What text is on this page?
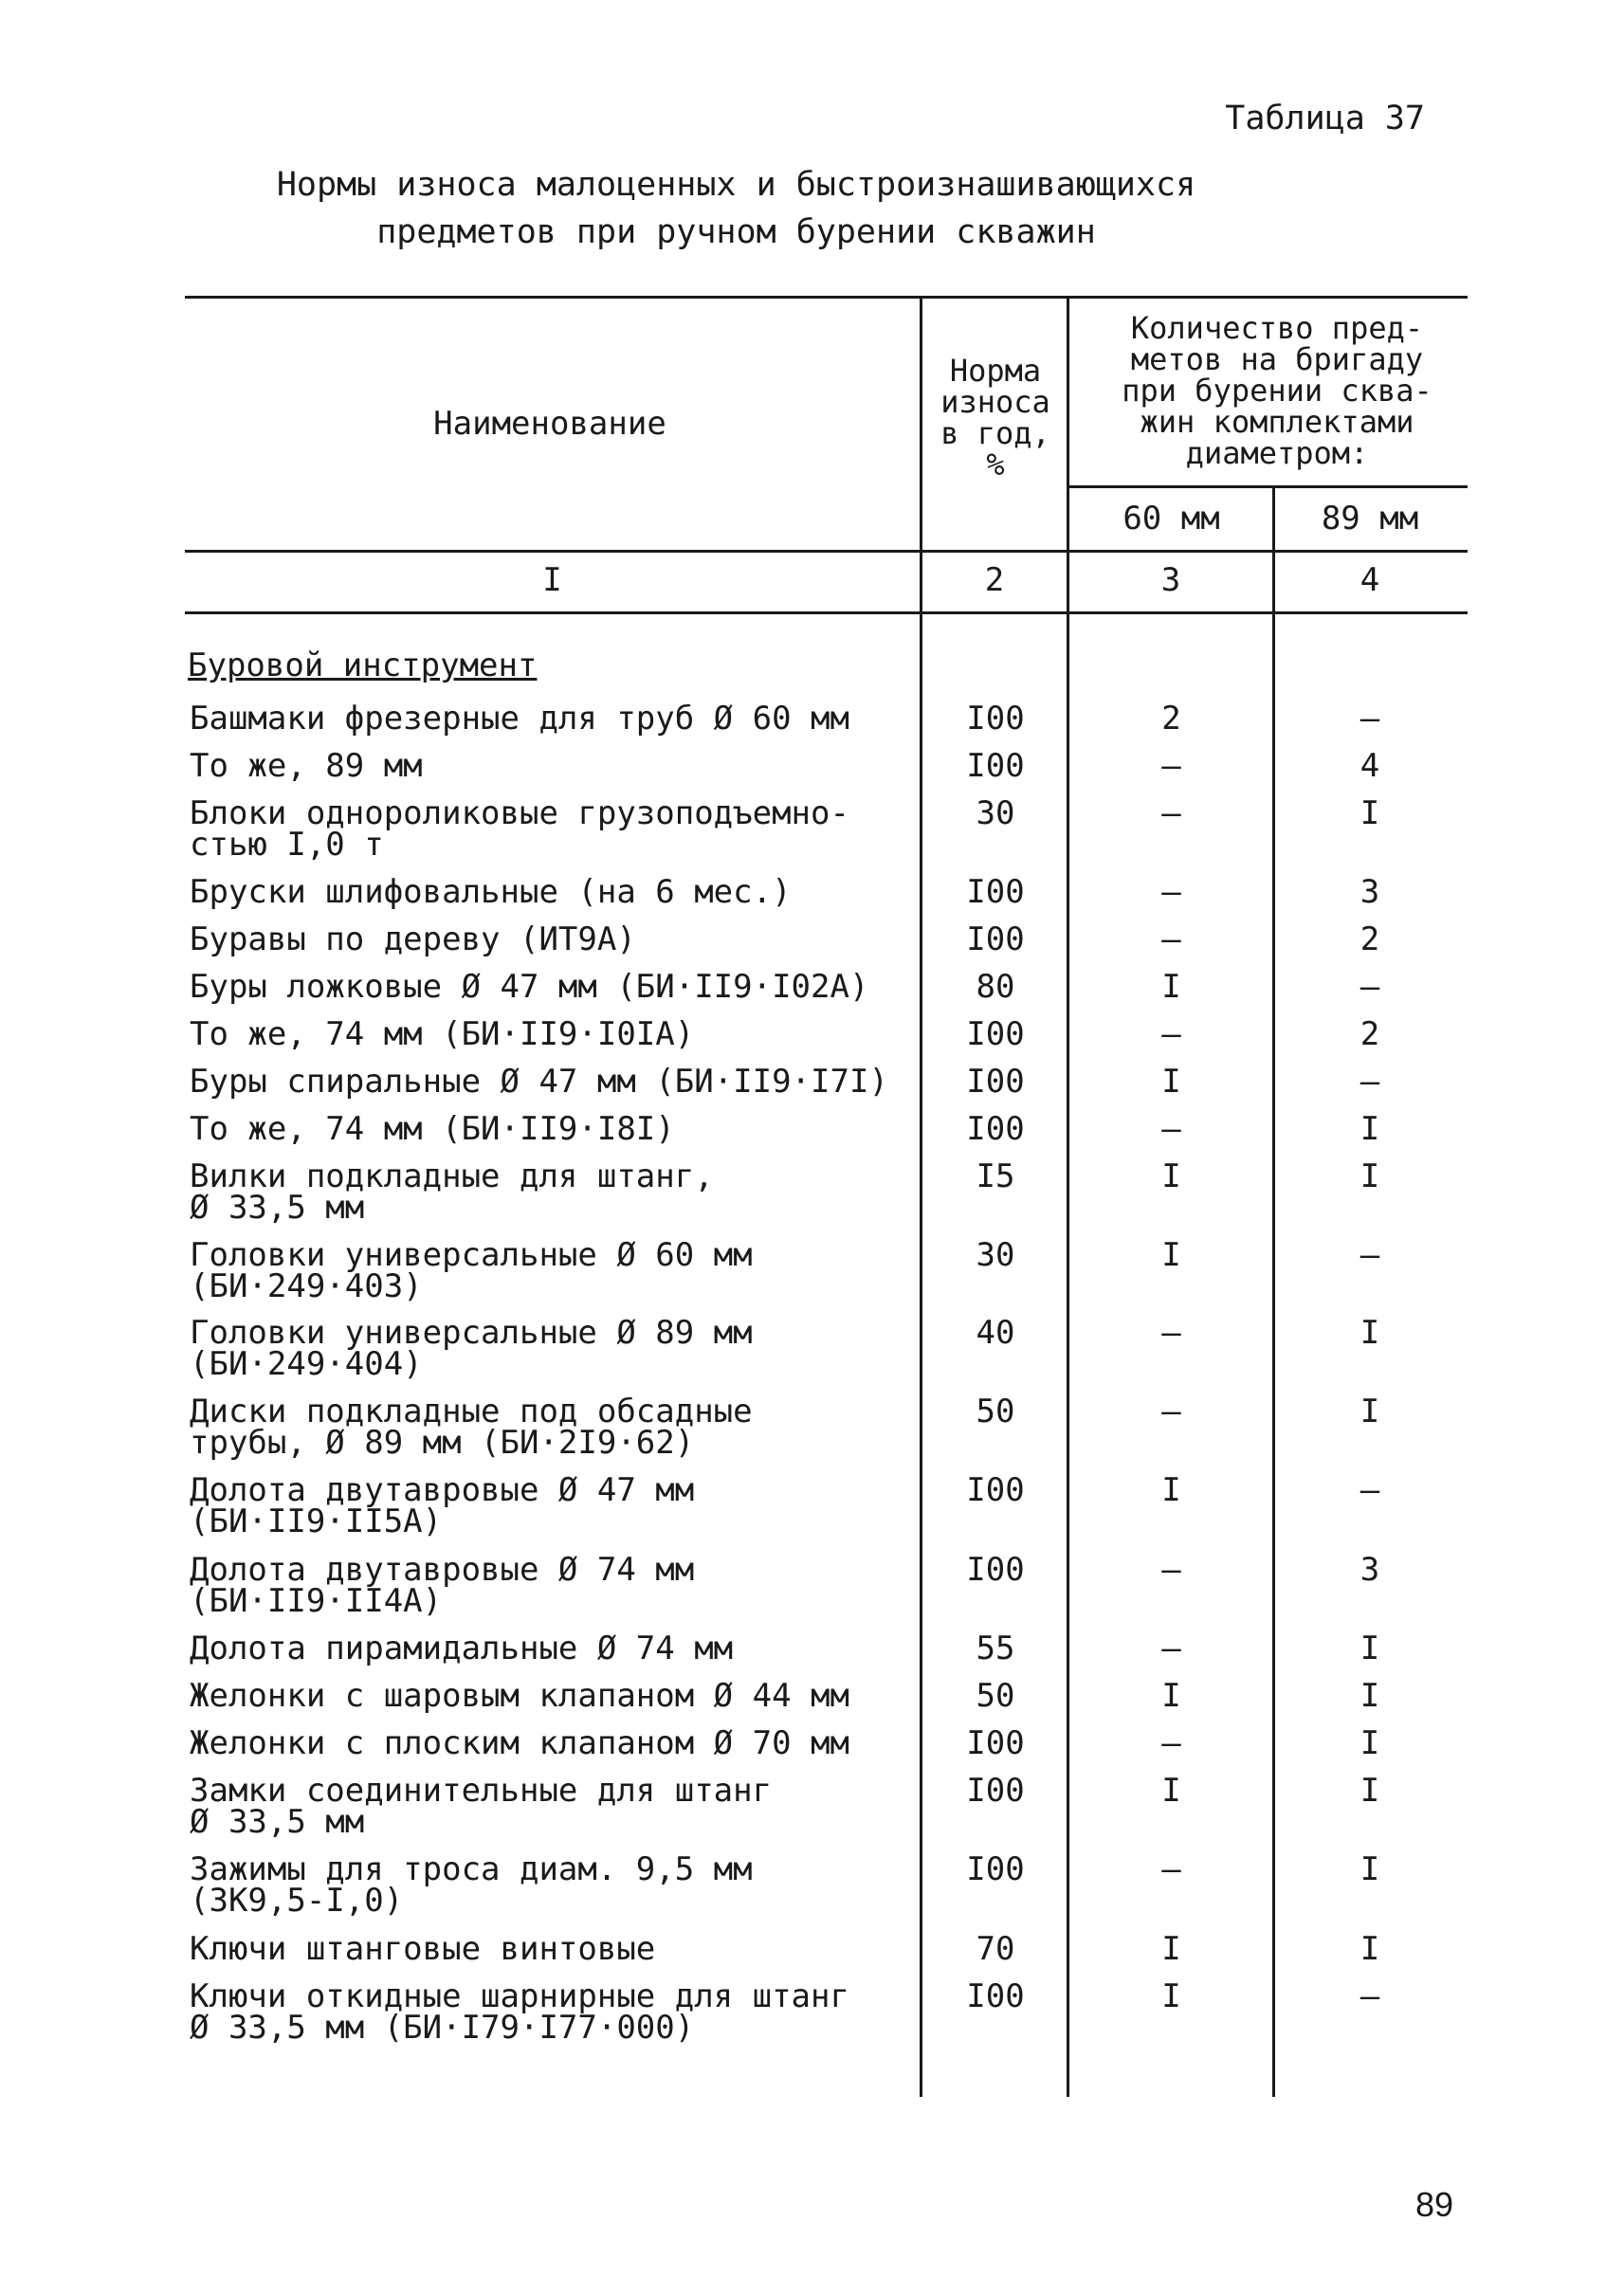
Таблица 37
Нормы износа малоценных и быстроизнашивающихся
предметов при ручном бурении скважин
Наименование
Норма
износа
в год,
%
Количество пред-
метов на бригаду
при бурении сква-
жин комплектами
диаметром:
60 мм	89 мм
I	2	3	4
Буровой инструмент
Башмаки фрезерные для труб Ø 60 мм	I00	2	–
То же, 89 мм	I00	–	4
Блоки однороликовые грузоподъемно-
стью I,0 т
30	–	I
Бруски шлифовальные (на 6 мес.)	I00	–	3
Буравы по дереву (ИТ9А)	I00	–	2
Буры ложковые Ø 47 мм (БИ·II9·I02А)	80	I	–
То же, 74 мм (БИ·II9·I0IА)	I00	–	2
Буры спиральные Ø 47 мм (БИ·II9·I7I)	I00	I	–
То же, 74 мм (БИ·II9·I8I)	I00	–	I
Вилки подкладные для штанг,
Ø 33,5 мм
I5	I	I
Головки универсальные Ø 60 мм
(БИ·249·403)
30	I	–
Головки универсальные Ø 89 мм
(БИ·249·404)
40	–	I
Диски подкладные под обсадные
трубы, Ø 89 мм (БИ·2I9·62)
50	–	I
Долота двутавровые Ø 47 мм
(БИ·II9·II5А)
I00	I	–
Долота двутавровые Ø 74 мм
(БИ·II9·II4А)
I00	–	3
Долота пирамидальные Ø 74 мм	55	–	I
Желонки с шаровым клапаном Ø 44 мм	50	I	I
Желонки с плоским клапаном Ø 70 мм	I00	–	I
Замки соединительные для штанг
Ø 33,5 мм
I00	I	I
Зажимы для троса диам. 9,5 мм
(ЗК9,5-I,0)
I00	–	I
Ключи штанговые винтовые	70	I	I
Ключи откидные шарнирные для штанг
Ø 33,5 мм (БИ·I79·I77·000)
I00	I	–
89
